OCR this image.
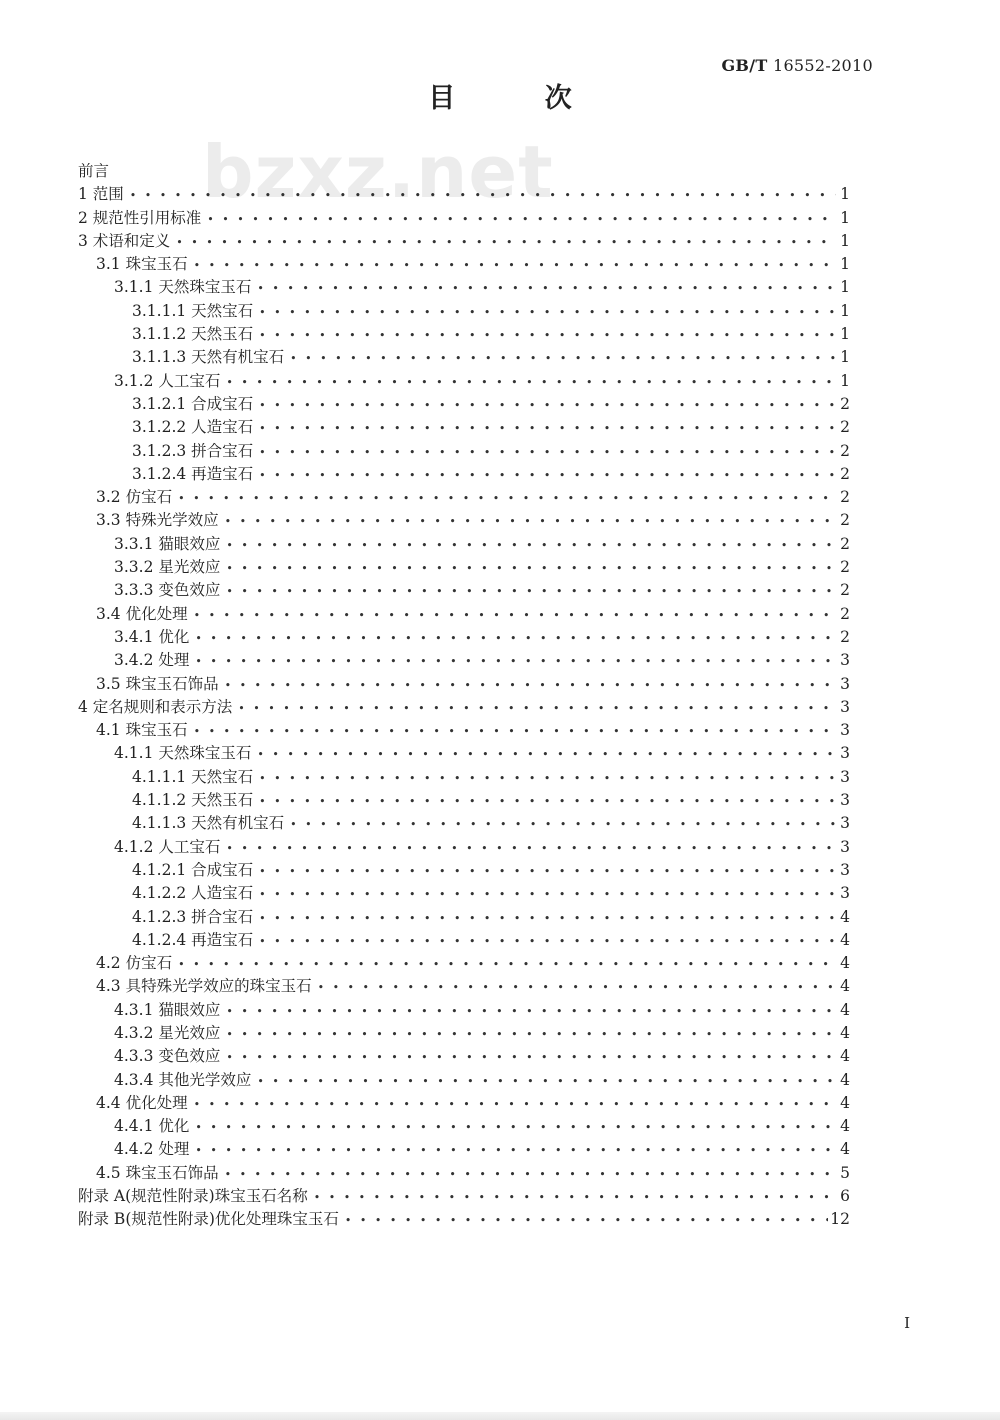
GB/T 16552-2010
目 次
bzxz.net
前言
1 范围 • • •	1
2 规范性引用标准 • • •	1
3 术语和定义 • • •	1
3.1 珠宝玉石 • • •	1
3.1.1 天然珠宝玉石 • • •	1
3.1.1.1 天然宝石 • • •	1
3.1.1.2 天然玉石 • • •	1
3.1.1.3 天然有机宝石 • • •	1
3.1.2 人工宝石 • • •	1
3.1.2.1 合成宝石 • • •	2
3.1.2.2 人造宝石 • • •	2
3.1.2.3 拼合宝石 • • •	2
3.1.2.4 再造宝石 • • •	2
3.2 仿宝石 • • •	2
3.3 特殊光学效应 • • •	2
3.3.1 猫眼效应 • • •	2
3.3.2 星光效应 • • •	2
3.3.3 变色效应 • • •	2
3.4 优化处理 • • •	2
3.4.1 优化 • • •	2
3.4.2 处理 • • •	3
3.5 珠宝玉石饰品 • • •	3
4 定名规则和表示方法 • • •	3
4.1 珠宝玉石 • • •	3
4.1.1 天然珠宝玉石 • • •	3
4.1.1.1 天然宝石 • • •	3
4.1.1.2 天然玉石 • • •	3
4.1.1.3 天然有机宝石 • • •	3
4.1.2 人工宝石 • • •	3
4.1.2.1 合成宝石 • • •	3
4.1.2.2 人造宝石 • • •	3
4.1.2.3 拼合宝石 • • •	4
4.1.2.4 再造宝石 • • •	4
4.2 仿宝石 • • •	4
4.3 具特殊光学效应的珠宝玉石 • • •	4
4.3.1 猫眼效应 • • •	4
4.3.2 星光效应 • • •	4
4.3.3 变色效应 • • •	4
4.3.4 其他光学效应 • • •	4
4.4 优化处理 • • •	4
4.4.1 优化 • • •	4
4.4.2 处理 • • •	4
4.5 珠宝玉石饰品 • • •	5
附录 A(规范性附录)珠宝玉石名称 • • •	6
附录 B(规范性附录)优化处理珠宝玉石 • • •	12
I
